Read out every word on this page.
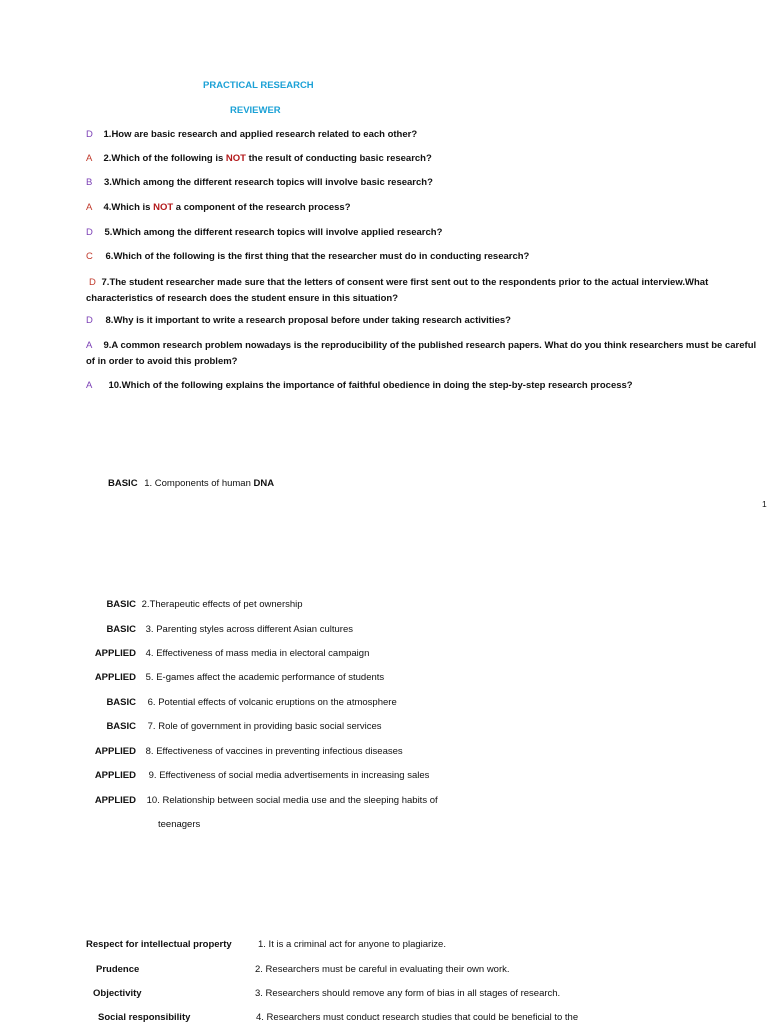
PRACTICAL RESEARCH
REVIEWER
D 1.How are basic research and applied research related to each other?
A 2.Which of the following is NOT the result of conducting basic research?
B 3.Which among the different research topics will involve basic research?
A 4.Which is NOT a component of the research process?
D 5.Which among the different research topics will involve applied research?
C 6.Which of the following is the first thing that the researcher must do in conducting research?
D 7.The student researcher made sure that the letters of consent were first sent out to the respondents prior to the actual interview.What characteristics of research does the student ensure in this situation?
D 8.Why is it important to write a research proposal before under taking research activities?
A 9.A common research problem nowadays is the reproducibility of the published research papers. What do you think researchers must be careful of in order to avoid this problem?
A 10.Which of the following explains the importance of faithful obedience in doing the step-by-step research process?
BASIC 1. Components of human DNA
1
BASIC 2.Therapeutic effects of pet ownership
BASIC 3. Parenting styles across different Asian cultures
APPLIED 4. Effectiveness of mass media in electoral campaign
APPLIED 5. E-games affect the academic performance of students
BASIC 6. Potential effects of volcanic eruptions on the atmosphere
BASIC 7. Role of government in providing basic social services
APPLIED 8. Effectiveness of vaccines in preventing infectious diseases
APPLIED 9. Effectiveness of social media advertisements in increasing sales
APPLIED 10. Relationship between social media use and the sleeping habits of
teenagers
Respect for intellectual property	1. It is a criminal act for anyone to plagiarize.
Prudence	2. Researchers must be careful in evaluating their own work.
Objectivity	3. Researchers should remove any form of bias in all stages of research.
Social responsibility	4. Researchers must conduct research studies that could be beneficial to the
